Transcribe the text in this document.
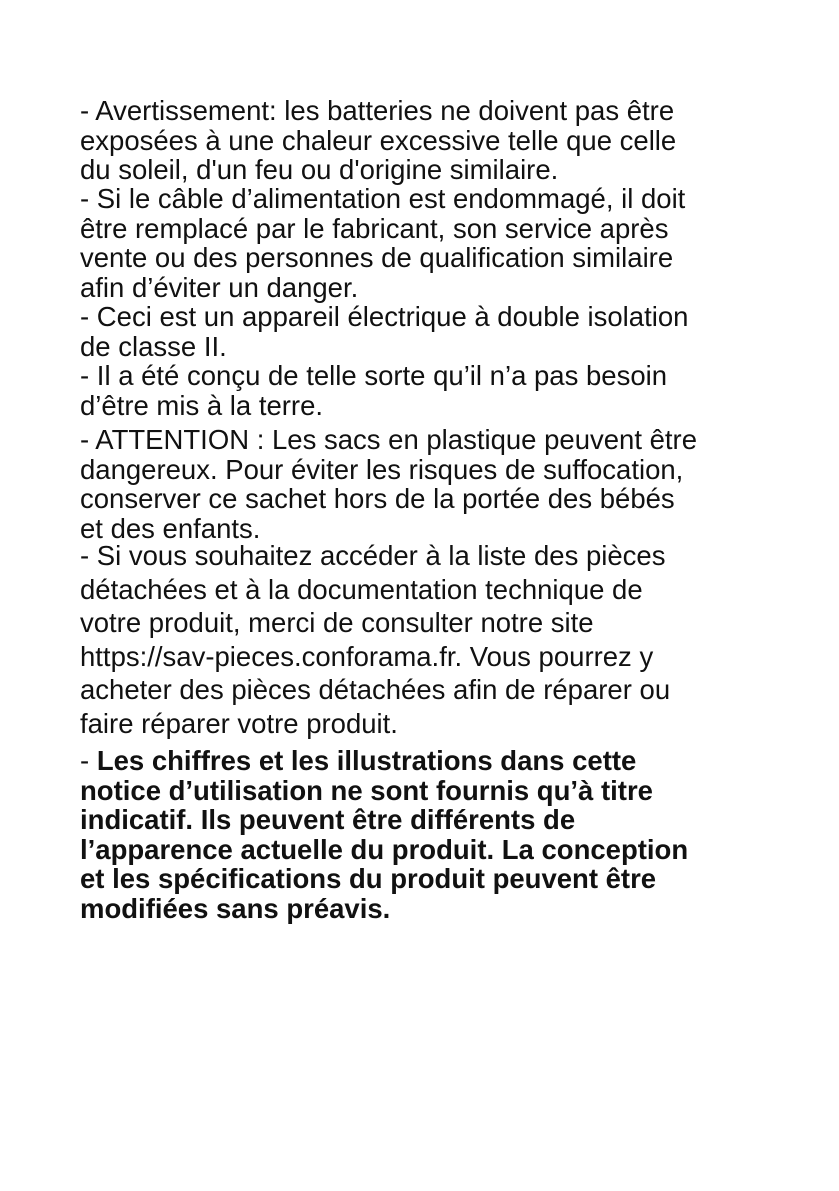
- Avertissement: les batteries ne doivent pas être
exposées à une chaleur excessive telle que celle
du soleil, d'un feu ou d'origine similaire.

- Si le câble d’alimentation est endommagé, il doit
être remplacé par le fabricant, son service après
vente ou des personnes de qualification similaire
afin d’éviter un danger.

- Ceci est un appareil électrique à double isolation
de classe II.

- Il a été conçu de telle sorte qu’il n’a pas besoin
d’être mis à la terre.

- ATTENTION : Les sacs en plastique peuvent être
dangereux. Pour éviter les risques de suffocation,
conserver ce sachet hors de la portée des bébés
et des enfants.

- Si vous souhaitez accéder à la liste des pièces
détachées et à la documentation technique de
votre produit, merci de consulter notre site
https://sav-pieces.conforama.fr. Vous pourrez y
acheter des pièces détachées afin de réparer ou
faire réparer votre produit.

- Les chiffres et les illustrations dans cette
notice d’utilisation ne sont fournis qu’à titre
indicatif. Ils peuvent être différents de
l’apparence actuelle du produit. La conception
et les spécifications du produit peuvent être
modifiées sans préavis.
